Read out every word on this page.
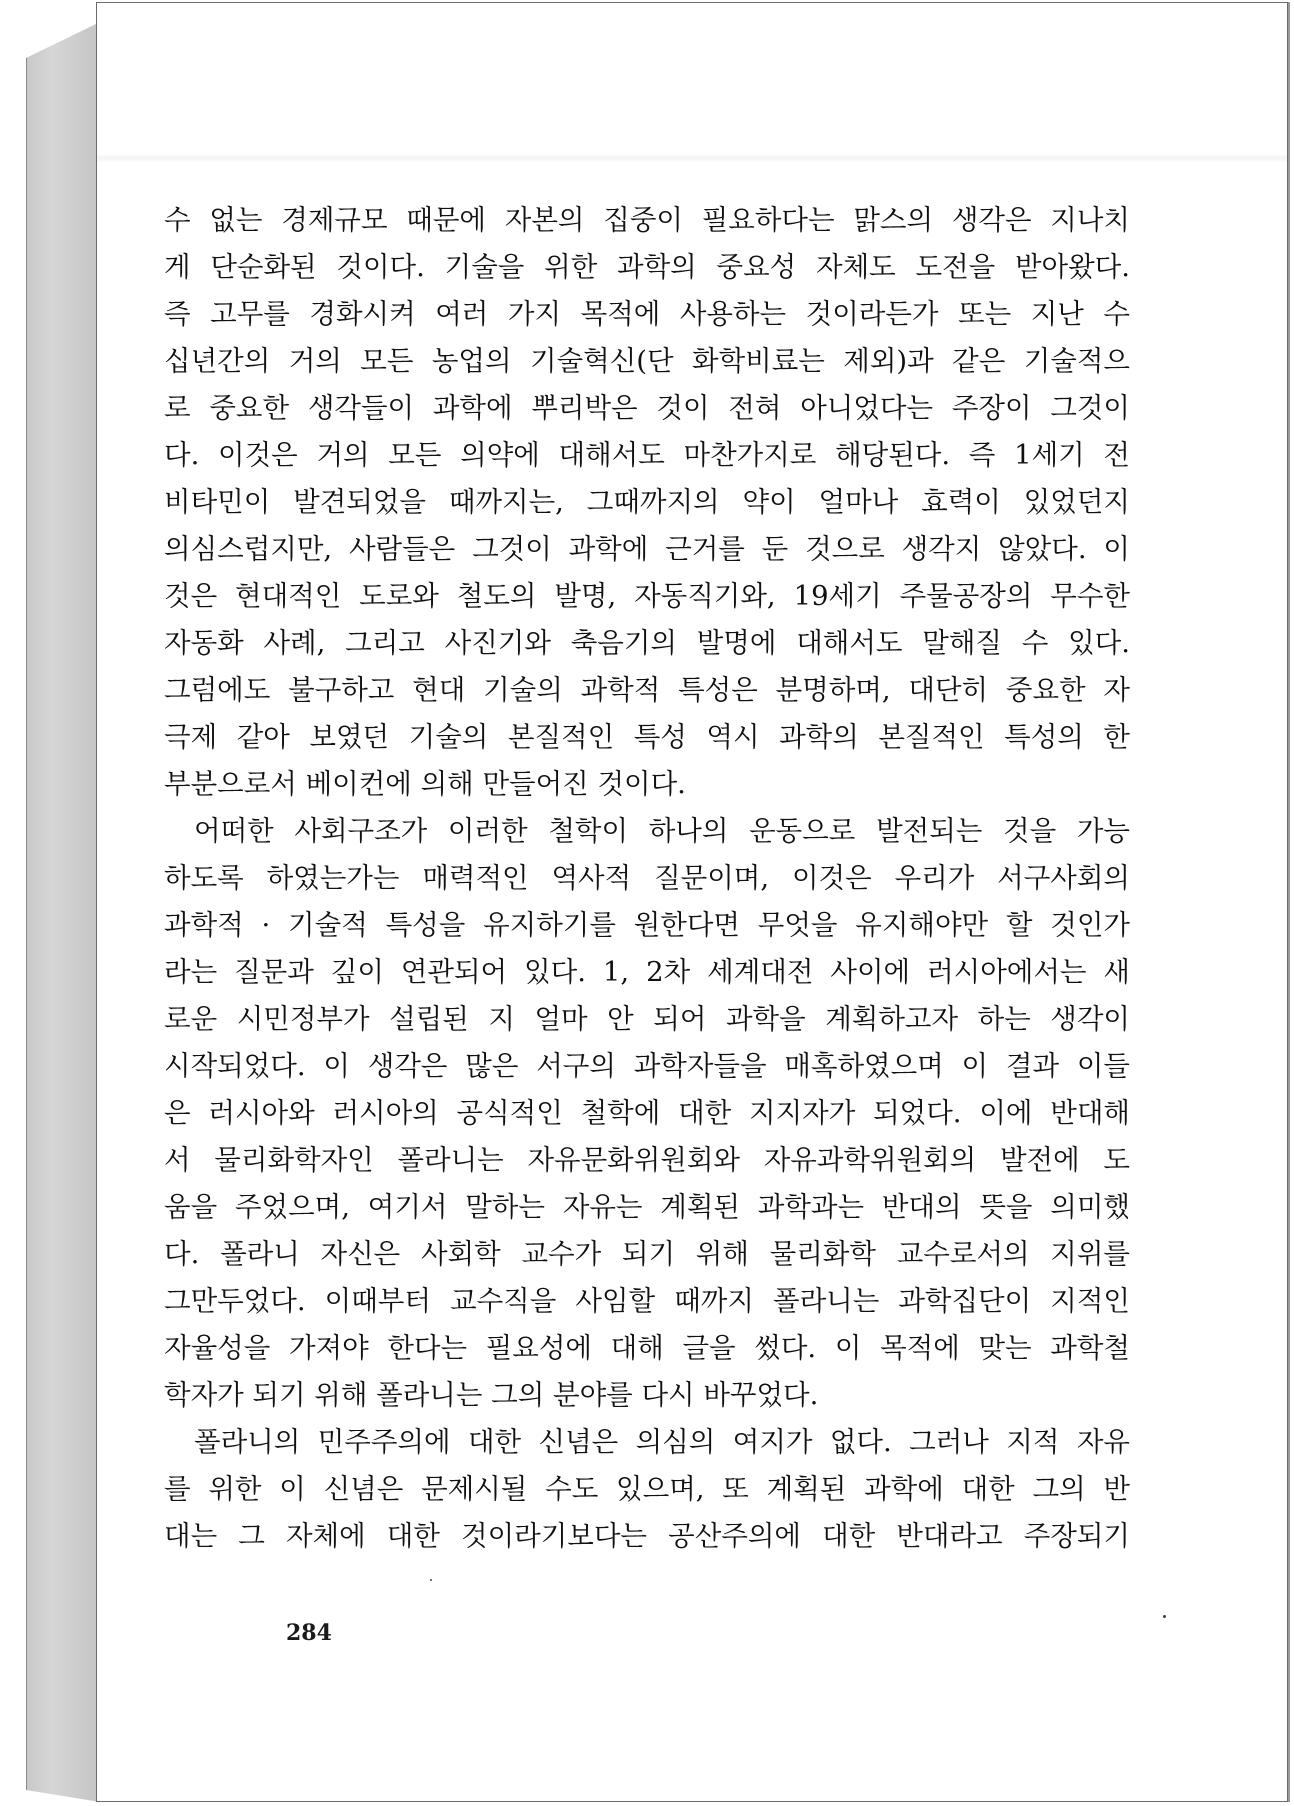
수 없는 경제규모 때문에 자본의 집중이 필요하다는 맑스의 생각은 지나치
게 단순화된 것이다. 기술을 위한 과학의 중요성 자체도 도전을 받아왔다.
즉 고무를 경화시켜 여러 가지 목적에 사용하는 것이라든가 또는 지난 수
십년간의 거의 모든 농업의 기술혁신(단 화학비료는 제외)과 같은 기술적으
로 중요한 생각들이 과학에 뿌리박은 것이 전혀 아니었다는 주장이 그것이
다. 이것은 거의 모든 의약에 대해서도 마찬가지로 해당된다. 즉 1세기 전
비타민이 발견되었을 때까지는, 그때까지의 약이 얼마나 효력이 있었던지
의심스럽지만, 사람들은 그것이 과학에 근거를 둔 것으로 생각지 않았다. 이
것은 현대적인 도로와 철도의 발명, 자동직기와, 19세기 주물공장의 무수한
자동화 사례, 그리고 사진기와 축음기의 발명에 대해서도 말해질 수 있다.
그럼에도 불구하고 현대 기술의 과학적 특성은 분명하며, 대단히 중요한 자
극제 같아 보였던 기술의 본질적인 특성 역시 과학의 본질적인 특성의 한
부분으로서 베이컨에 의해 만들어진 것이다.
어떠한 사회구조가 이러한 철학이 하나의 운동으로 발전되는 것을 가능
하도록 하였는가는 매력적인 역사적 질문이며, 이것은 우리가 서구사회의
과학적 · 기술적 특성을 유지하기를 원한다면 무엇을 유지해야만 할 것인가
라는 질문과 깊이 연관되어 있다. 1, 2차 세계대전 사이에 러시아에서는 새
로운 시민정부가 설립된 지 얼마 안 되어 과학을 계획하고자 하는 생각이
시작되었다. 이 생각은 많은 서구의 과학자들을 매혹하였으며 이 결과 이들
은 러시아와 러시아의 공식적인 철학에 대한 지지자가 되었다. 이에 반대해
서 물리화학자인 폴라니는 자유문화위원회와 자유과학위원회의 발전에 도
움을 주었으며, 여기서 말하는 자유는 계획된 과학과는 반대의 뜻을 의미했
다. 폴라니 자신은 사회학 교수가 되기 위해 물리화학 교수로서의 지위를
그만두었다. 이때부터 교수직을 사임할 때까지 폴라니는 과학집단이 지적인
자율성을 가져야 한다는 필요성에 대해 글을 썼다. 이 목적에 맞는 과학철
학자가 되기 위해 폴라니는 그의 분야를 다시 바꾸었다.
폴라니의 민주주의에 대한 신념은 의심의 여지가 없다. 그러나 지적 자유
를 위한 이 신념은 문제시될 수도 있으며, 또 계획된 과학에 대한 그의 반
대는 그 자체에 대한 것이라기보다는 공산주의에 대한 반대라고 주장되기
284
